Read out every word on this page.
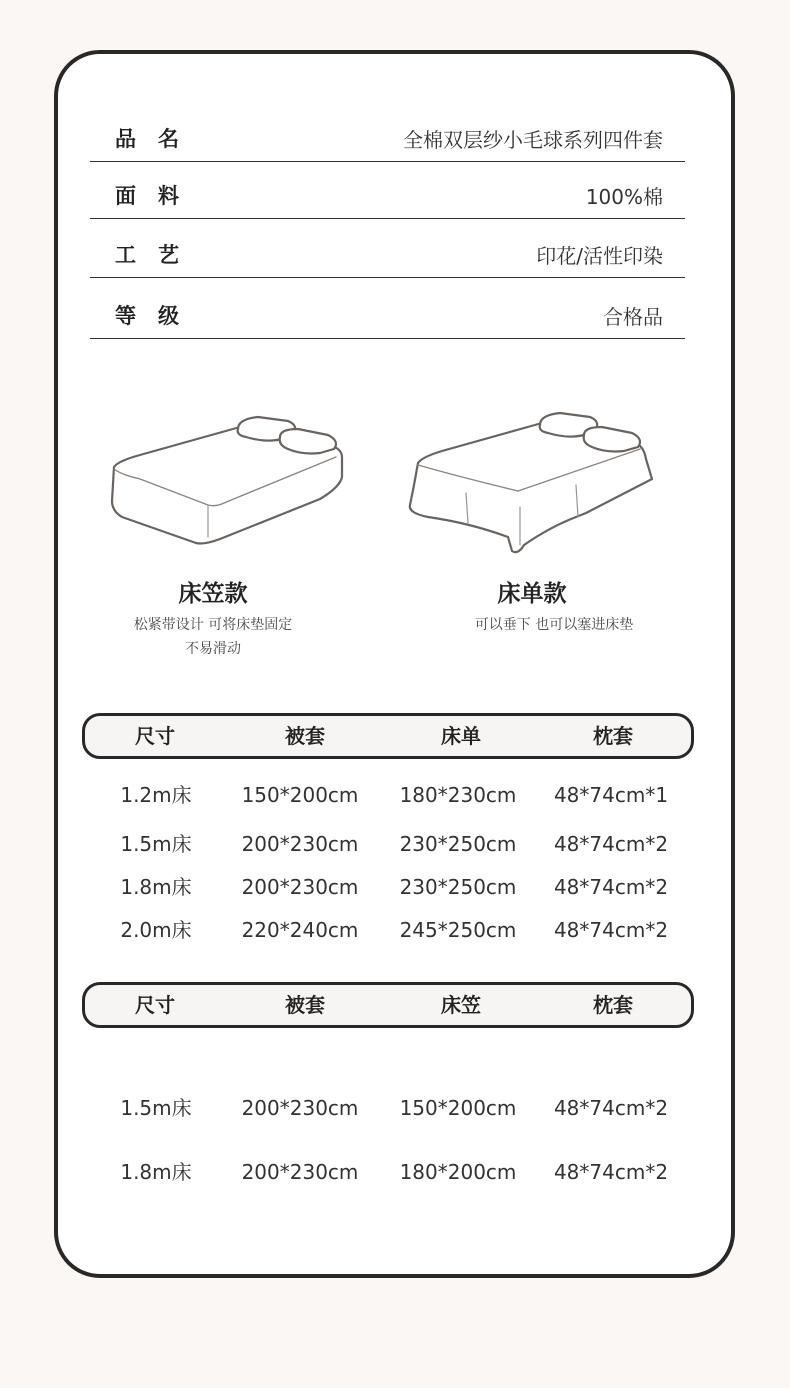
品名	全棉双层纱小毛球系列四件套
面料	100%棉
工艺	印花/活性印染
等级	合格品
床笠款
松紧带设计 可将床垫固定
不易滑动
床单款
可以垂下 也可以塞进床垫
尺寸	被套	床单	枕套
1.2m床	150*200cm	180*230cm	48*74cm*1
1.5m床	200*230cm	230*250cm	48*74cm*2
1.8m床	200*230cm	230*250cm	48*74cm*2
2.0m床	220*240cm	245*250cm	48*74cm*2
尺寸	被套	床笠	枕套
1.5m床	200*230cm	150*200cm	48*74cm*2
1.8m床	200*230cm	180*200cm	48*74cm*2
